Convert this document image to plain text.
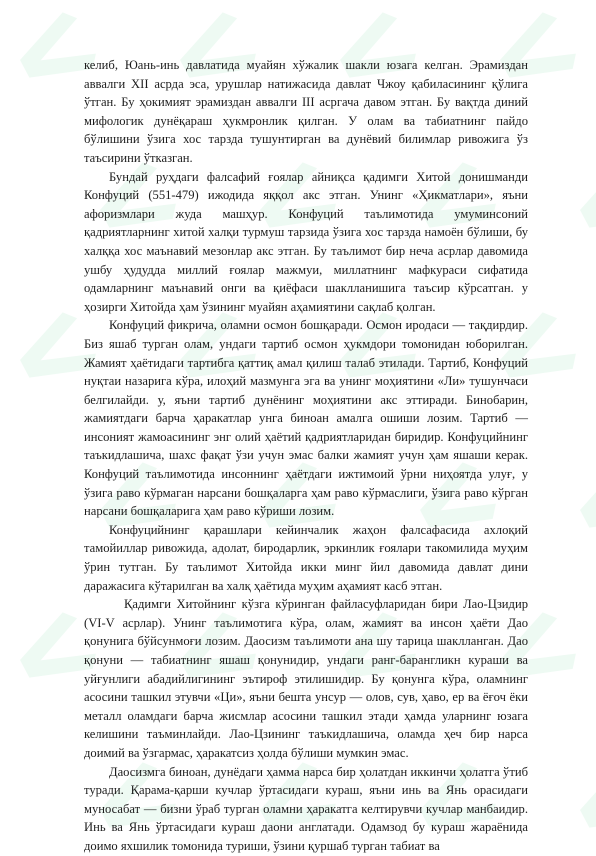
келиб, Юань-инь давлатида муайян хўжалик шакли юзага келган. Эрамиздан аввалги XII асрда эса, урушлар натижасида давлат Чжоу қабиласининг қўлига ўтган. Бу ҳокимият эрамиздан аввалги III асргача давом этган. Бу вақтда диний мифологик дунёқараш ҳукмронлик қилган. У олам ва табиатнинг пайдо бўлишини ўзига хос тарзда тушунтирган ва дунёвий билимлар ривожига ўз таъсирини ўтказган.

Бундай руҳдаги фалсафий ғоялар айниқса қадимги Хитой донишманди Конфуций (551-479) ижодида яққол акс этган. Унинг «Ҳикматлари», яъни афоризмлари жуда машҳур. Конфуций таълимотида умуминсоний қадриятларнинг хитой халқи турмуш тарзида ўзига хос тарзда намоён бўлиши, бу халққа хос маънавий мезонлар акс этган. Бу таълимот бир неча асрлар давомида ушбу ҳудудда миллий ғоялар мажмуи, миллатнинг мафкураси сифатида одамларнинг маънавий онги ва қиёфаси шаклланишига таъсир кўрсатган. у ҳозирги Хитойда ҳам ўзининг муайян аҳамиятини сақлаб қолган.

Конфуций фикрича, оламни осмон бошқаради. Осмон иродаси — тақдирдир. Биз яшаб турган олам, ундаги тартиб осмон ҳукмдори томонидан юборилган. Жамият ҳаётидаги тартибга қаттиқ амал қилиш талаб этилади. Тартиб, Конфуций нуқтаи назарига кўра, илоҳий мазмунга эга ва унинг моҳиятини «Ли» тушунчаси белгилайди. у, яъни тартиб дунёнинг моҳиятини акс эттиради. Бинобарин, жамиятдаги барча ҳаракатлар унга биноан амалга ошиши лозим. Тартиб — инсоният жамоасининг энг олий ҳаётий қадриятларидан биридир. Конфуцийнинг таъкидлашича, шахс фақат ўзи учун эмас балки жамият учун ҳам яшаши керак. Конфуций таълимотида инсоннинг ҳаётдаги ижтимоий ўрни ниҳоятда улуғ, у ўзига раво кўрмаган нарсани бошқаларга ҳам раво кўрмаслиги, ўзига раво кўрган нарсани бошқаларига ҳам раво кўриши лозим.

Конфуцийнинг қарашлари кейинчалик жаҳон фалсафасида ахлоқий тамойиллар ривожида, адолат, биродарлик, эркинлик ғоялари такомилида муҳим ўрин тутган. Бу таълимот Хитойда икки минг йил давомида давлат дини даражасига кўтарилган ва халқ ҳаётида муҳим аҳамият касб этган.

Қадимги Хитойнинг кўзга кўринган файласуфларидан бири Лао-Цзидир (VI-V асрлар). Унинг таълимотига кўра, олам, жамият ва инсон ҳаёти Дао қонунига бўйсунмоғи лозим. Даосизм таълимоти ана шу тарица шаклланган. Дао қонуни — табиатнинг яшаш қонунидир, ундаги ранг-барангликн кураши ва уйғунлиги абадийлигининг эътироф этилишидир. Бу қонунга кўра, оламнинг асосини ташкил этувчи «Ци», яъни бешта унсур — олов, сув, ҳаво, ер ва ёғоч ёки металл оламдаги барча жисмлар асосини ташкил этади ҳамда уларнинг юзага келишини таъминлайди. Лао-Цзининг таъкидлашича, оламда ҳеч бир нарса доимий ва ўзгармас, ҳаракатсиз ҳолда бўлиши мумкин эмас.

Даосизмга биноан, дунёдаги ҳамма нарса бир ҳолатдан иккинчи ҳолатга ўтиб туради. Қарама-қарши кучлар ўртасидаги кураш, яъни инь ва Янь орасидаги муносабат — бизни ўраб турган оламни ҳаракатга келтирувчи кучлар манбаидир. Инь ва Янь ўртасидаги кураш даони англатади. Одамзод бу кураш жараёнида доимо яхшилик томонида туриши, ўзини қуршаб турган табиат ва
